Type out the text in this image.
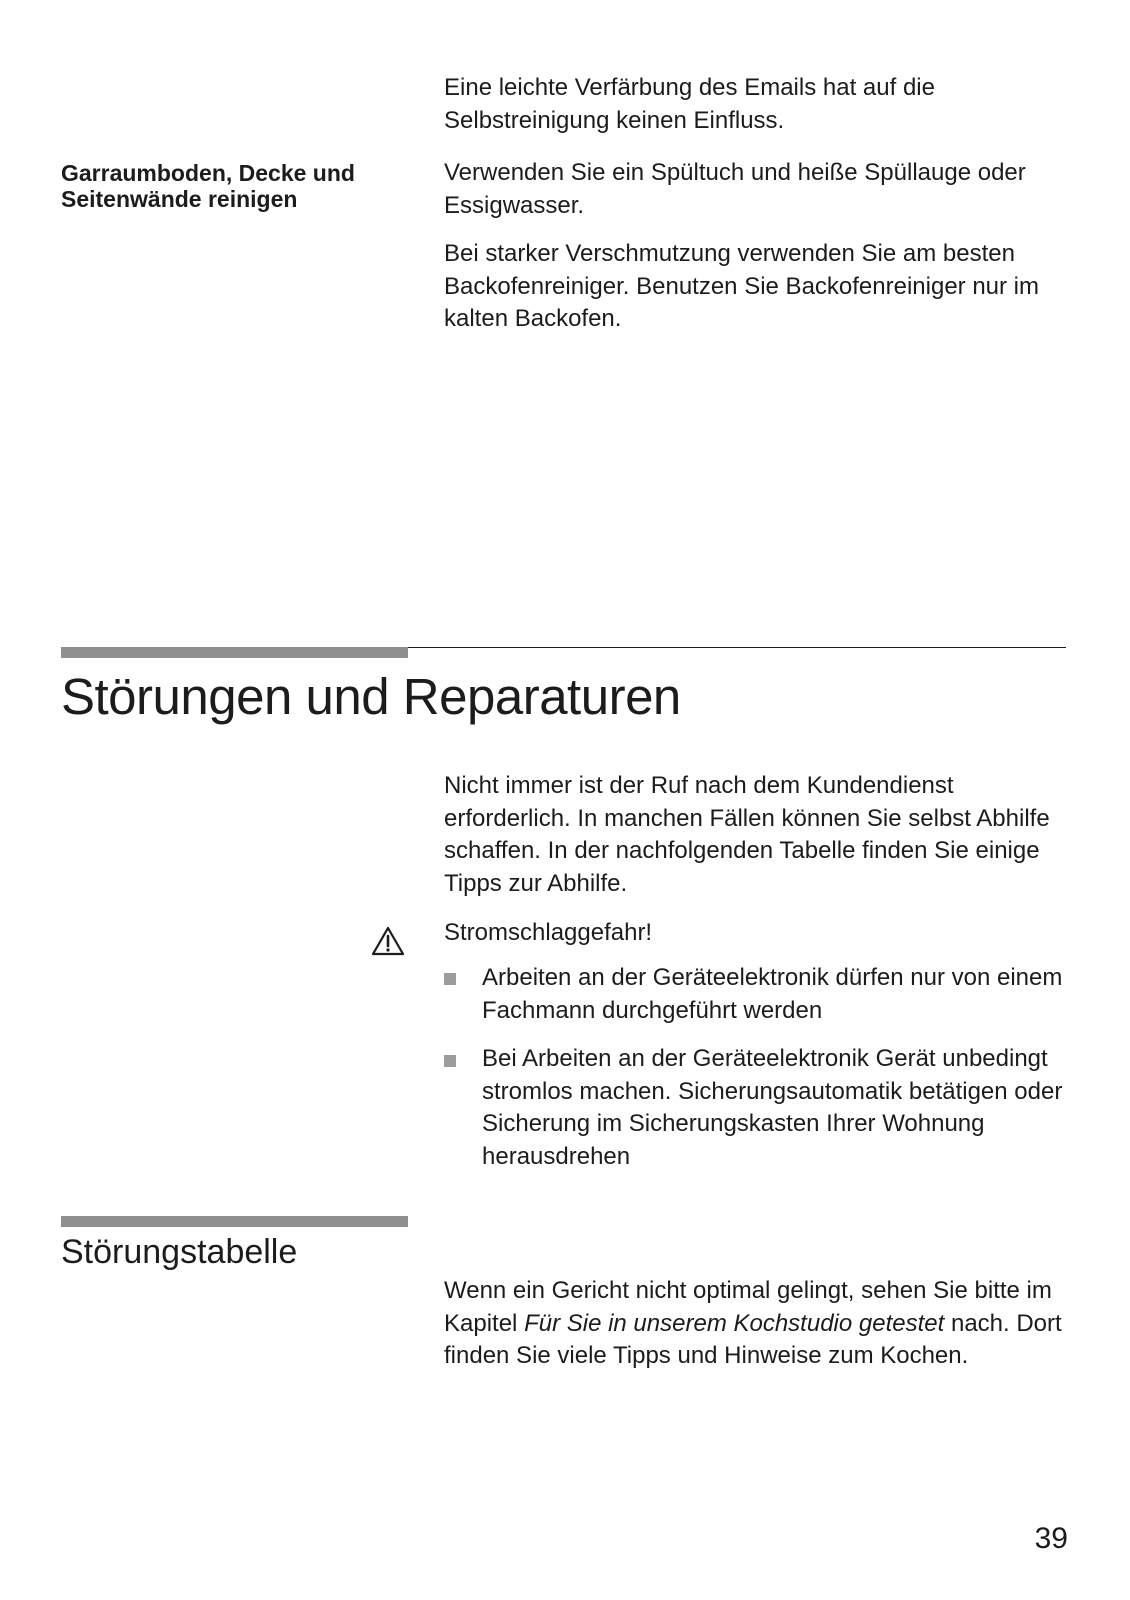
Eine leichte Verfärbung des Emails hat auf die Selbstreinigung keinen Einfluss.

Garraumboden, Decke und Seitenwände reinigen

Verwenden Sie ein Spültuch und heiße Spüllauge oder Essigwasser.

Bei starker Verschmutzung verwenden Sie am besten Backofenreiniger. Benutzen Sie Backofenreiniger nur im kalten Backofen.

Störungen und Reparaturen

Nicht immer ist der Ruf nach dem Kundendienst erforderlich. In manchen Fällen können Sie selbst Abhilfe schaffen. In der nachfolgenden Tabelle finden Sie einige Tipps zur Abhilfe.

Stromschlaggefahr!

Arbeiten an der Geräteelektronik dürfen nur von einem Fachmann durchgeführt werden

Bei Arbeiten an der Geräteelektronik Gerät unbedingt stromlos machen. Sicherungsautomatik betätigen oder Sicherung im Sicherungskasten Ihrer Wohnung herausdrehen

Störungstabelle

Wenn ein Gericht nicht optimal gelingt, sehen Sie bitte im Kapitel Für Sie in unserem Kochstudio getestet nach. Dort finden Sie viele Tipps und Hinweise zum Kochen.

39
